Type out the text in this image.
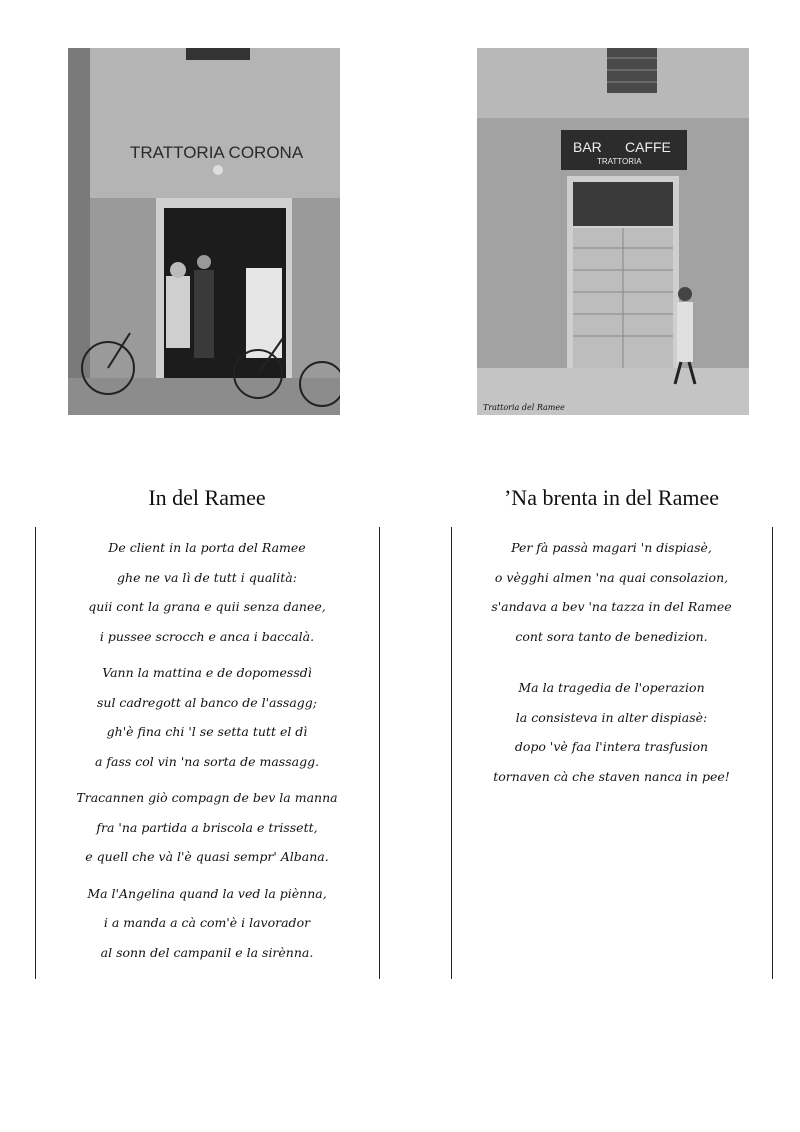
TRATTORIA CORONA	BAR CAFFE
TRATTORIA
Trattoria del Ramee
In del Ramee	’Na brenta in del Ramee
De client in la porta del Ramee
ghe ne va lì de tutt i qualità:
quii cont la grana e quii senza danee,
i pussee scrocch e anca i baccalà.
Vann la mattina e de dopomessdì
sul cadregott al banco de l'assagg;
gh'è fina chi 'l se setta tutt el dì
a fass col vin 'na sorta de massagg.
Tracannen giò compagn de bev la manna
fra 'na partida a briscola e trissett,
e quell che và l'è quasi sempr' Albana.
Ma l'Angelina quand la ved la piènna,
i a manda a cà com'è i lavorador
al sonn del campanil e la sirènna.
Per fà passà magari 'n dispiasè,
o vègghi almen 'na quai consolazion,
s'andava a bev 'na tazza in del Ramee
cont sora tanto de benedizion.
Ma la tragedia de l'operazion
la consisteva in alter dispiasè:
dopo 'vè faa l'intera trasfusion
tornaven cà che staven nanca in pee!
